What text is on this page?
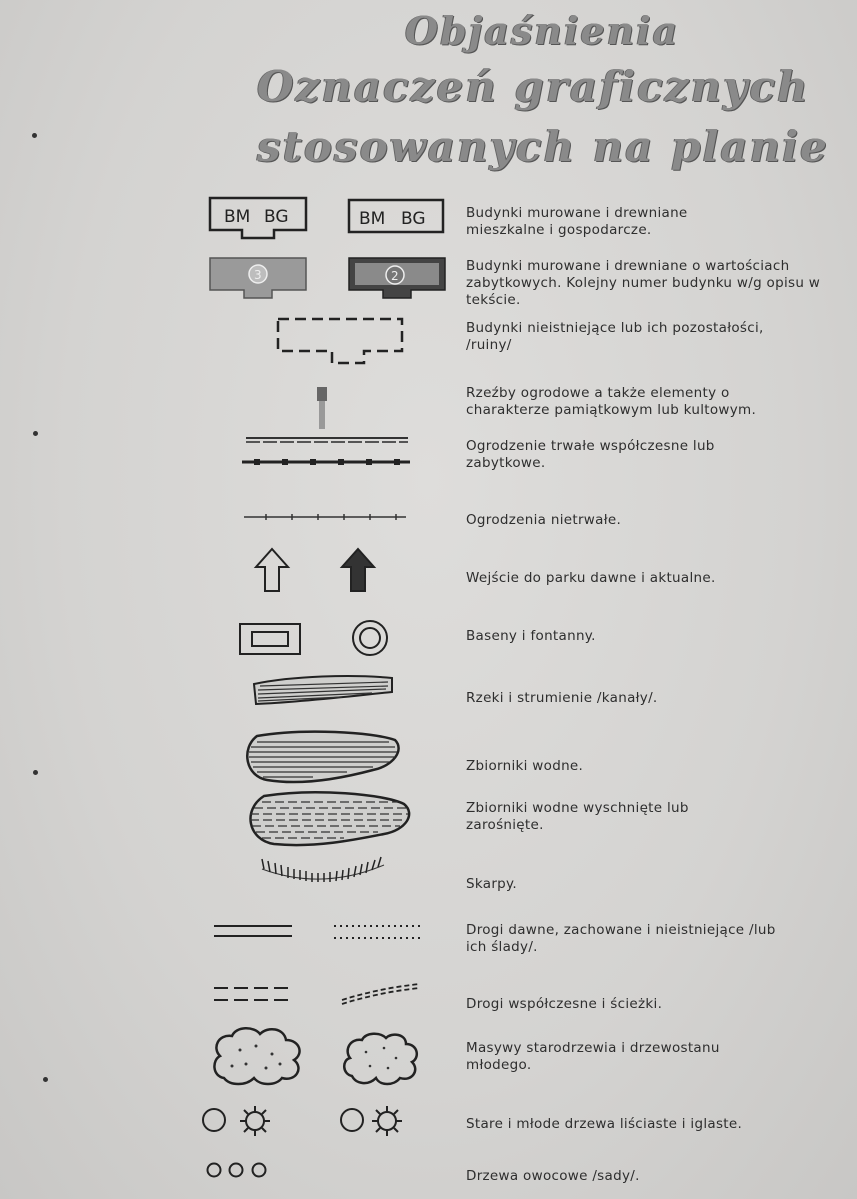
Objaśnienia
Oznaczeń graficznych
stosowanych na planie
BM BG	BM BG	Budynki murowane i drewniane mieszkalne i gospodarcze.
3	2
Budynki murowane i drewniane o wartościach zabytkowych. Kolejny numer budynku w/g opisu w tekście.
Budynki nieistniejące lub ich pozostałości, /ruiny/
Rzeźby ogrodowe a także elementy o charakterze pamiątkowym lub kultowym.
Ogrodzenie trwałe współczesne lub zabytkowe.
Ogrodzenia nietrwałe.
Wejście do parku dawne i aktualne.
Baseny i fontanny.
Rzeki i strumienie /kanały/.
Zbiorniki wodne.
Zbiorniki wodne wyschnięte lub zarośnięte.
Skarpy.
Drogi dawne, zachowane i nieistniejące /lub ich ślady/.
Drogi współczesne i ścieżki.
Masywy starodrzewia i drzewostanu młodego.
Stare i młode drzewa liściaste i iglaste.
Drzewa owocowe /sady/.
